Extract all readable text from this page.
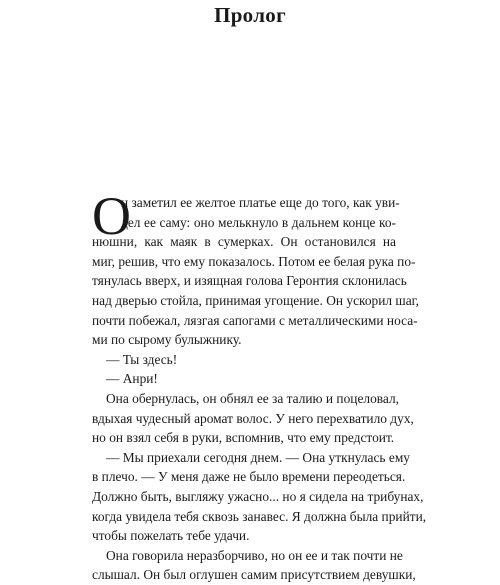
Пролог
О
н заметил ее желтое платье еще до того, как уви-
дел ее саму: оно мелькнуло в дальнем конце ко-
нюшни, как маяк в сумерках. Он остановился на
миг, решив, что ему показалось. Потом ее белая рука по-
тянулась вверх, и изящная голова Геронтия склонилась
над дверью стойла, принимая угощение. Он ускорил шаг,
почти побежал, лязгая сапогами с металлическими носа-
ми по сырому булыжнику.
— Ты здесь!
— Анри!
Она обернулась, он обнял ее за талию и поцеловал,
вдыхая чудесный аромат волос. У него перехватило дух,
но он взял себя в руки, вспомнив, что ему предстоит.
— Мы приехали сегодня днем. — Она уткнулась ему
в плечо. — У меня даже не было времени переодеться.
Должно быть, выгляжу ужасно... но я сидела на трибунах,
когда увидела тебя сквозь занавес. Я должна была прийти,
чтобы пожелать тебе удачи.
Она говорила неразборчиво, но он ее и так почти не
слышал. Он был оглушен самим присутствием девушки,
